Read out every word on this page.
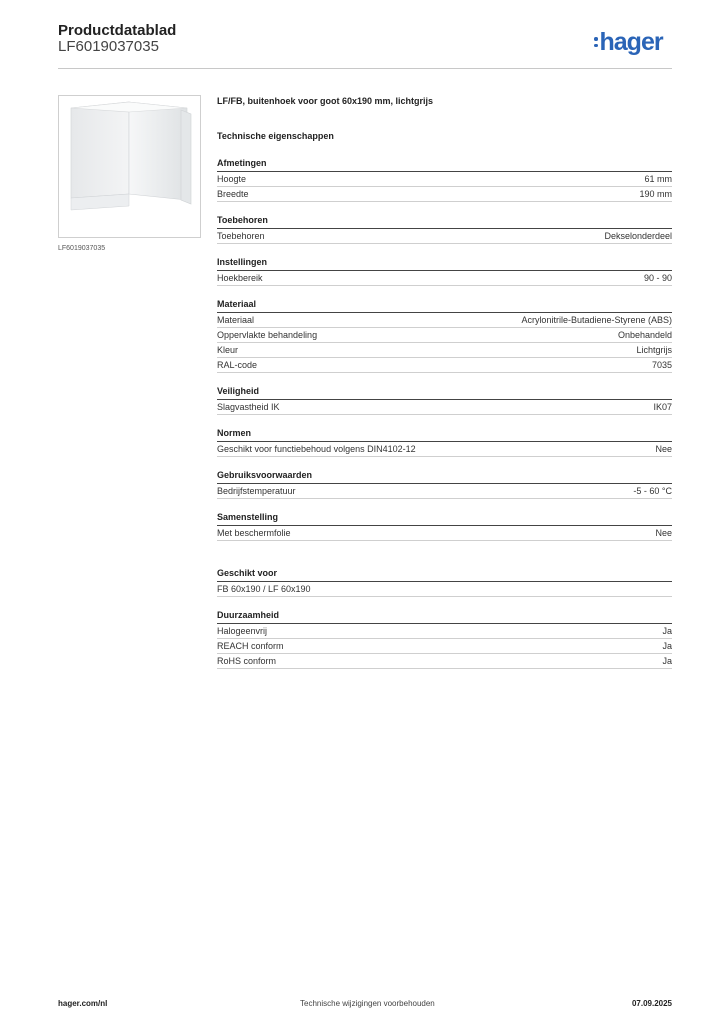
Productdatablad
LF6019037035	hager
LF6019037035
LF/FB, buitenhoek voor goot 60x190 mm, lichtgrijs
Technische eigenschappen
Afmetingen
Hoogte	61 mm
Breedte	190 mm
Toebehoren
Toebehoren	Dekselonderdeel
Instellingen
Hoekbereik	90 - 90
Materiaal
Materiaal	Acrylonitrile-Butadiene-Styrene (ABS)
Oppervlakte behandeling	Onbehandeld
Kleur	Lichtgrijs
RAL-code	7035
Veiligheid
Slagvastheid IK	IK07
Normen
Geschikt voor functiebehoud volgens DIN4102-12	Nee
Gebruiksvoorwaarden
Bedrijfstemperatuur	-5 - 60 °C
Samenstelling
Met beschermfolie	Nee
Geschikt voor
FB 60x190 / LF 60x190
Duurzaamheid
Halogeenvrij	Ja
REACH conform	Ja
RoHS conform	Ja
hager.com/nl	Technische wijzigingen voorbehouden	07.09.2025
